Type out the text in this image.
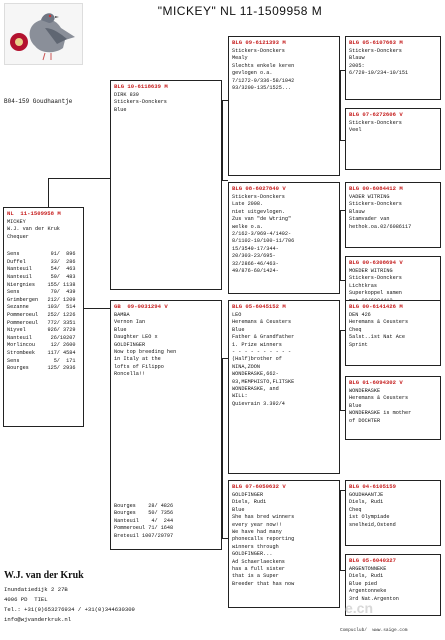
"MICKEY" NL 11-1509958 M
B04-159 Goudhaantje
NL  11-1509958 M
MICKEY
W.J. van der Kruk
Chequer
Sens          91/  896
Duffel        33/  286
Nanteuil      54/  463
Nanteuil      59/  483
Niergnies    155/ 1138
Sens          70/  439
Grimbergen   212/ 1209
Sezanne      103/  514
Pommeroeul   252/ 1226
Pommeroeul   772/ 3351
Niyvel       926/ 3729
Nanteuil      26/10207
Morlincou     12/ 2600
Strombeek    117/ 4584
Sens           5/  171
Bourges      125/ 2936
BLG 10-6118639 M
DIRK 839
Stickers-Donckers
Blue
GB  09-0031294 V
BAMBA
Vernon Ian
Blue
Daughter LEO x
GOLDFINGER
Now top breeding hen
in Italy at the
lofts of Filippo
Roncella!!
Bourges    28/ 4826
Bourges    50/ 7356
Nanteuil    4/  244
Pommeroeul 71/ 1648
Breteuil 1007/20797
BLG 09-6121393 M
Stickers-Donckers
Mealy
Slechts enkele keren
gevlogen o.a.
7/1272-9/336-58/1042
93/3200-135/1525...
BLG 08-6027840 V
Stickers-Donckers
Late 2008.
niet uitgevlogen.
Zus van "de Wtring"
welke o.a.
2/162-3/969-4/1402-
8/1102-10/100-11/706
15/3549-17/344-
20/303-23/695-
32/2866-46/463-
49/876-60/1424-
BLG 05-6045152 M
LEO
Heremans & Ceusters
Blue
Father & Grandfather
1. Prize winners
- - - - - - - - - -
(Half)brother of
NINA,ZOON
WONDERASKE,662-
03,MEMPHISTO,FLITSKE
WONDERASKE, and
WILL:
Quievrain 3.392/4
BLG 07-6050632 V
GOLDFINGER
Diels, Rudi
Blue
She has bred winners
every year now!!
We have had many
phonecalls reporting
winners through
GOLDFINGER...
Ad Schaerlaeckens
has a full sister
that is a Super
Breeder that has now
BLG 05-6107663 M
Stickers-Donckers
Blauw
2005:
6/729-10/234-10/151
BLG 07-6272606 V
Stickers-Donckers
Veel
BLG 00-6084412 M
VADER WITRING
Stickers-Donckers
Blauw
Stamvader van
hethok.oa.02/6086117
BLG 00-6308694 V
MOEDER WITRING
Stickers-Donckers
Lichtkras
Superkoppel samen
BLG 00-6141426 M
DEN 426
Heremans & Ceusters
Cheq
5alst..1st Nat Ace
Sprint
BLG 01-6094302 V
WONDERASKE
Heremans & Ceusters
Blue
WONDERASKE is mother
of DOCHTER
BLG 04-6105159
GOUDHAANTJE
Diels, Rudi
Cheq
1st Olympiade
snelheid,Ostend
BLG 05-6040327
ARGENTONNEKE
Diels, Rudi
Blue pied
Argentonneke
3rd Nat.Argenton
W.J. van der Kruk
Inundatiedijk 2 27B
4006 PD  TIEL
Tel.: +31(0)653276934 / +31(0)344630309
info@wjvanderkruk.nl
e.cn
Compuclub/  www.saige.com
